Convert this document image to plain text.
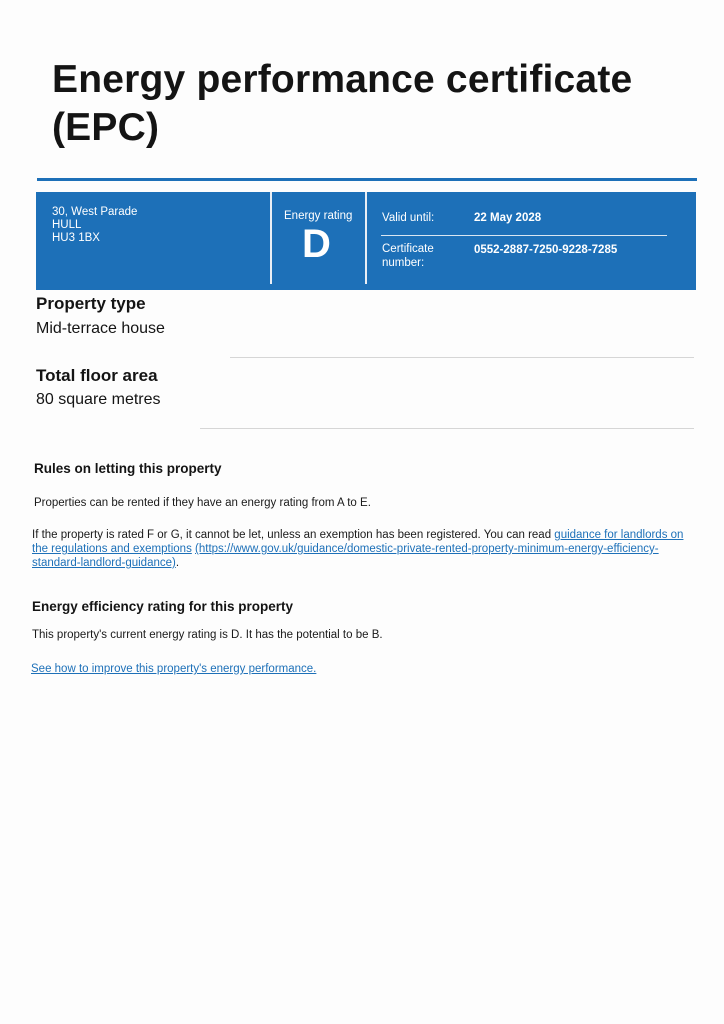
Energy performance certificate (EPC)
30, West Parade
HULL
HU3 1BX
Energy rating
D
Valid until:	22 May 2028
Certificate number:
0552-2887-7250-9228-7285
Property type
Mid-terrace house
Total floor area
80 square metres
Rules on letting this property
Properties can be rented if they have an energy rating from A to E.
If the property is rated F or G, it cannot be let, unless an exemption has been registered. You can read guidance for landlords on the regulations and exemptions (https://www.gov.uk/guidance/domestic-private-rented-property-minimum-energy-efficiency-standard-landlord-guidance).
Energy efficiency rating for this property
This property's current energy rating is D. It has the potential to be B.
See how to improve this property's energy performance.
